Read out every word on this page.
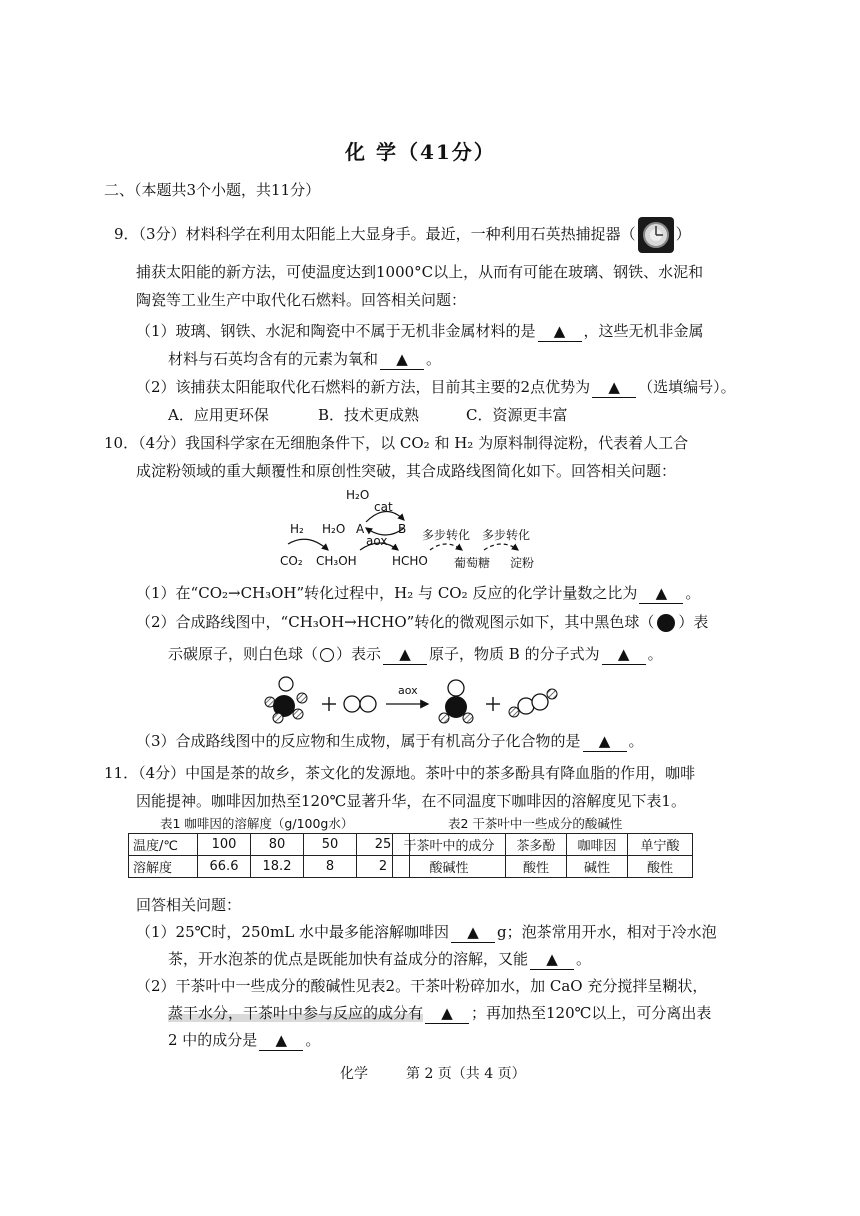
化 学（41分）
二、（本题共3个小题，共11分）
9．（3分）材料科学在利用太阳能上大显身手。最近，一种利用石英热捕捉器（	）
捕获太阳能的新方法，可使温度达到1000°C以上，从而有可能在玻璃、钢铁、水泥和
陶瓷等工业生产中取代化石燃料。回答相关问题：
（1）玻璃、钢铁、水泥和陶瓷中不属于无机非金属材料的是 ▲ ，这些无机非金属
材料与石英均含有的元素为氧和 ▲ 。
（2）该捕获太阳能取代化石燃料的新方法，目前其主要的2点优势为 ▲ （选填编号）。
A．应用更环保	B．技术更成熟	C．资源更丰富
10．（4分）我国科学家在无细胞条件下，以 CO₂ 和 H₂ 为原料制得淀粉，代表着人工合
成淀粉领域的重大颠覆性和原创性突破，其合成路线图简化如下。回答相关问题：
H₂O
cat
H₂ H₂O A	B
aox	多步转化 多步转化
CO₂ CH₃OH	HCHO 葡萄糖 淀粉
（1）在“CO₂→CH₃OH”转化过程中，H₂ 与 CO₂ 反应的化学计量数之比为 ▲ 。
（2）合成路线图中，“CH₃OH→HCHO”转化的微观图示如下，其中黑色球（ ）表
示碳原子，则白色球（ ）表示 ▲ 原子，物质 B 的分子式为 ▲ 。
aox
（3）合成路线图中的反应物和生成物，属于有机高分子化合物的是 ▲ 。
11．（4分）中国是茶的故乡，茶文化的发源地。茶叶中的茶多酚具有降血脂的作用，咖啡
因能提神。咖啡因加热至120℃显著升华，在不同温度下咖啡因的溶解度见下表1。
表1 咖啡因的溶解度（g/100g水）
温度/℃	100	80	50	25
溶解度	66.6	18.2	8	2
表2 干茶叶中一些成分的酸碱性
干茶叶中的成分	茶多酚	咖啡因	单宁酸
酸碱性	酸性	碱性	酸性
回答相关问题：
（1）25℃时，250mL 水中最多能溶解咖啡因 ▲ g；泡茶常用开水，相对于冷水泡
茶，开水泡茶的优点是既能加快有益成分的溶解，又能 ▲ 。
（2）干茶叶中一些成分的酸碱性见表2。干茶叶粉碎加水，加 CaO 充分搅拌呈糊状，
蒸干水分，干茶叶中参与反应的成分有 ▲ ；再加热至120℃以上，可分离出表
2 中的成分是 ▲ 。
化学	第 2 页（共 4 页）
